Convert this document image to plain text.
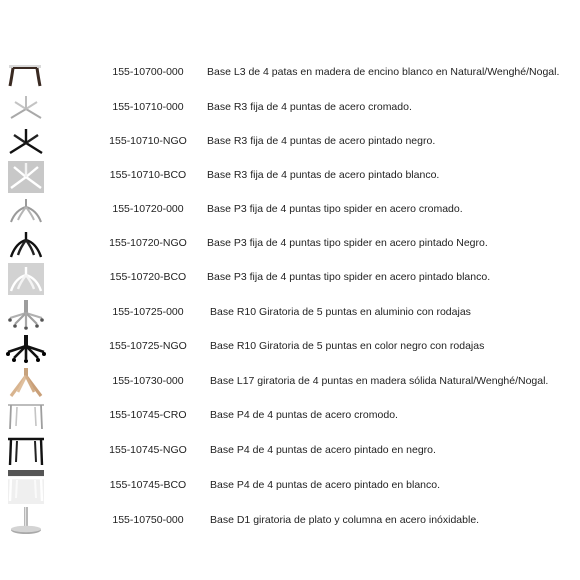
155-10700-000	Base L3 de 4 patas en madera de encino blanco en Natural/Wenghé/Nogal.
155-10710-000	Base R3 fija de 4 puntas de acero cromado.
155-10710-NGO	Base R3 fija de 4 puntas de acero pintado negro.
155-10710-BCO	Base R3 fija de 4 puntas de acero pintado blanco.
155-10720-000	Base P3 fija de 4 puntas tipo spider en acero cromado.
155-10720-NGO	Base P3 fija de 4 puntas tipo spider en acero pintado Negro.
155-10720-BCO	Base P3 fija de 4 puntas tipo spider en acero pintado blanco.
155-10725-000	Base R10 Giratoria de 5 puntas en aluminio con rodajas
155-10725-NGO	Base R10 Giratoria de 5 puntas en color negro con rodajas
155-10730-000	Base L17 giratoria de 4 puntas en madera sólida Natural/Wenghé/Nogal.
155-10745-CRO	Base P4 de 4 puntas de acero cromodo.
155-10745-NGO	Base P4 de 4 puntas de acero pintado en negro.
155-10745-BCO	Base P4 de 4 puntas de acero pintado en blanco.
155-10750-000	Base D1 giratoria de plato y columna en acero inóxidable.
